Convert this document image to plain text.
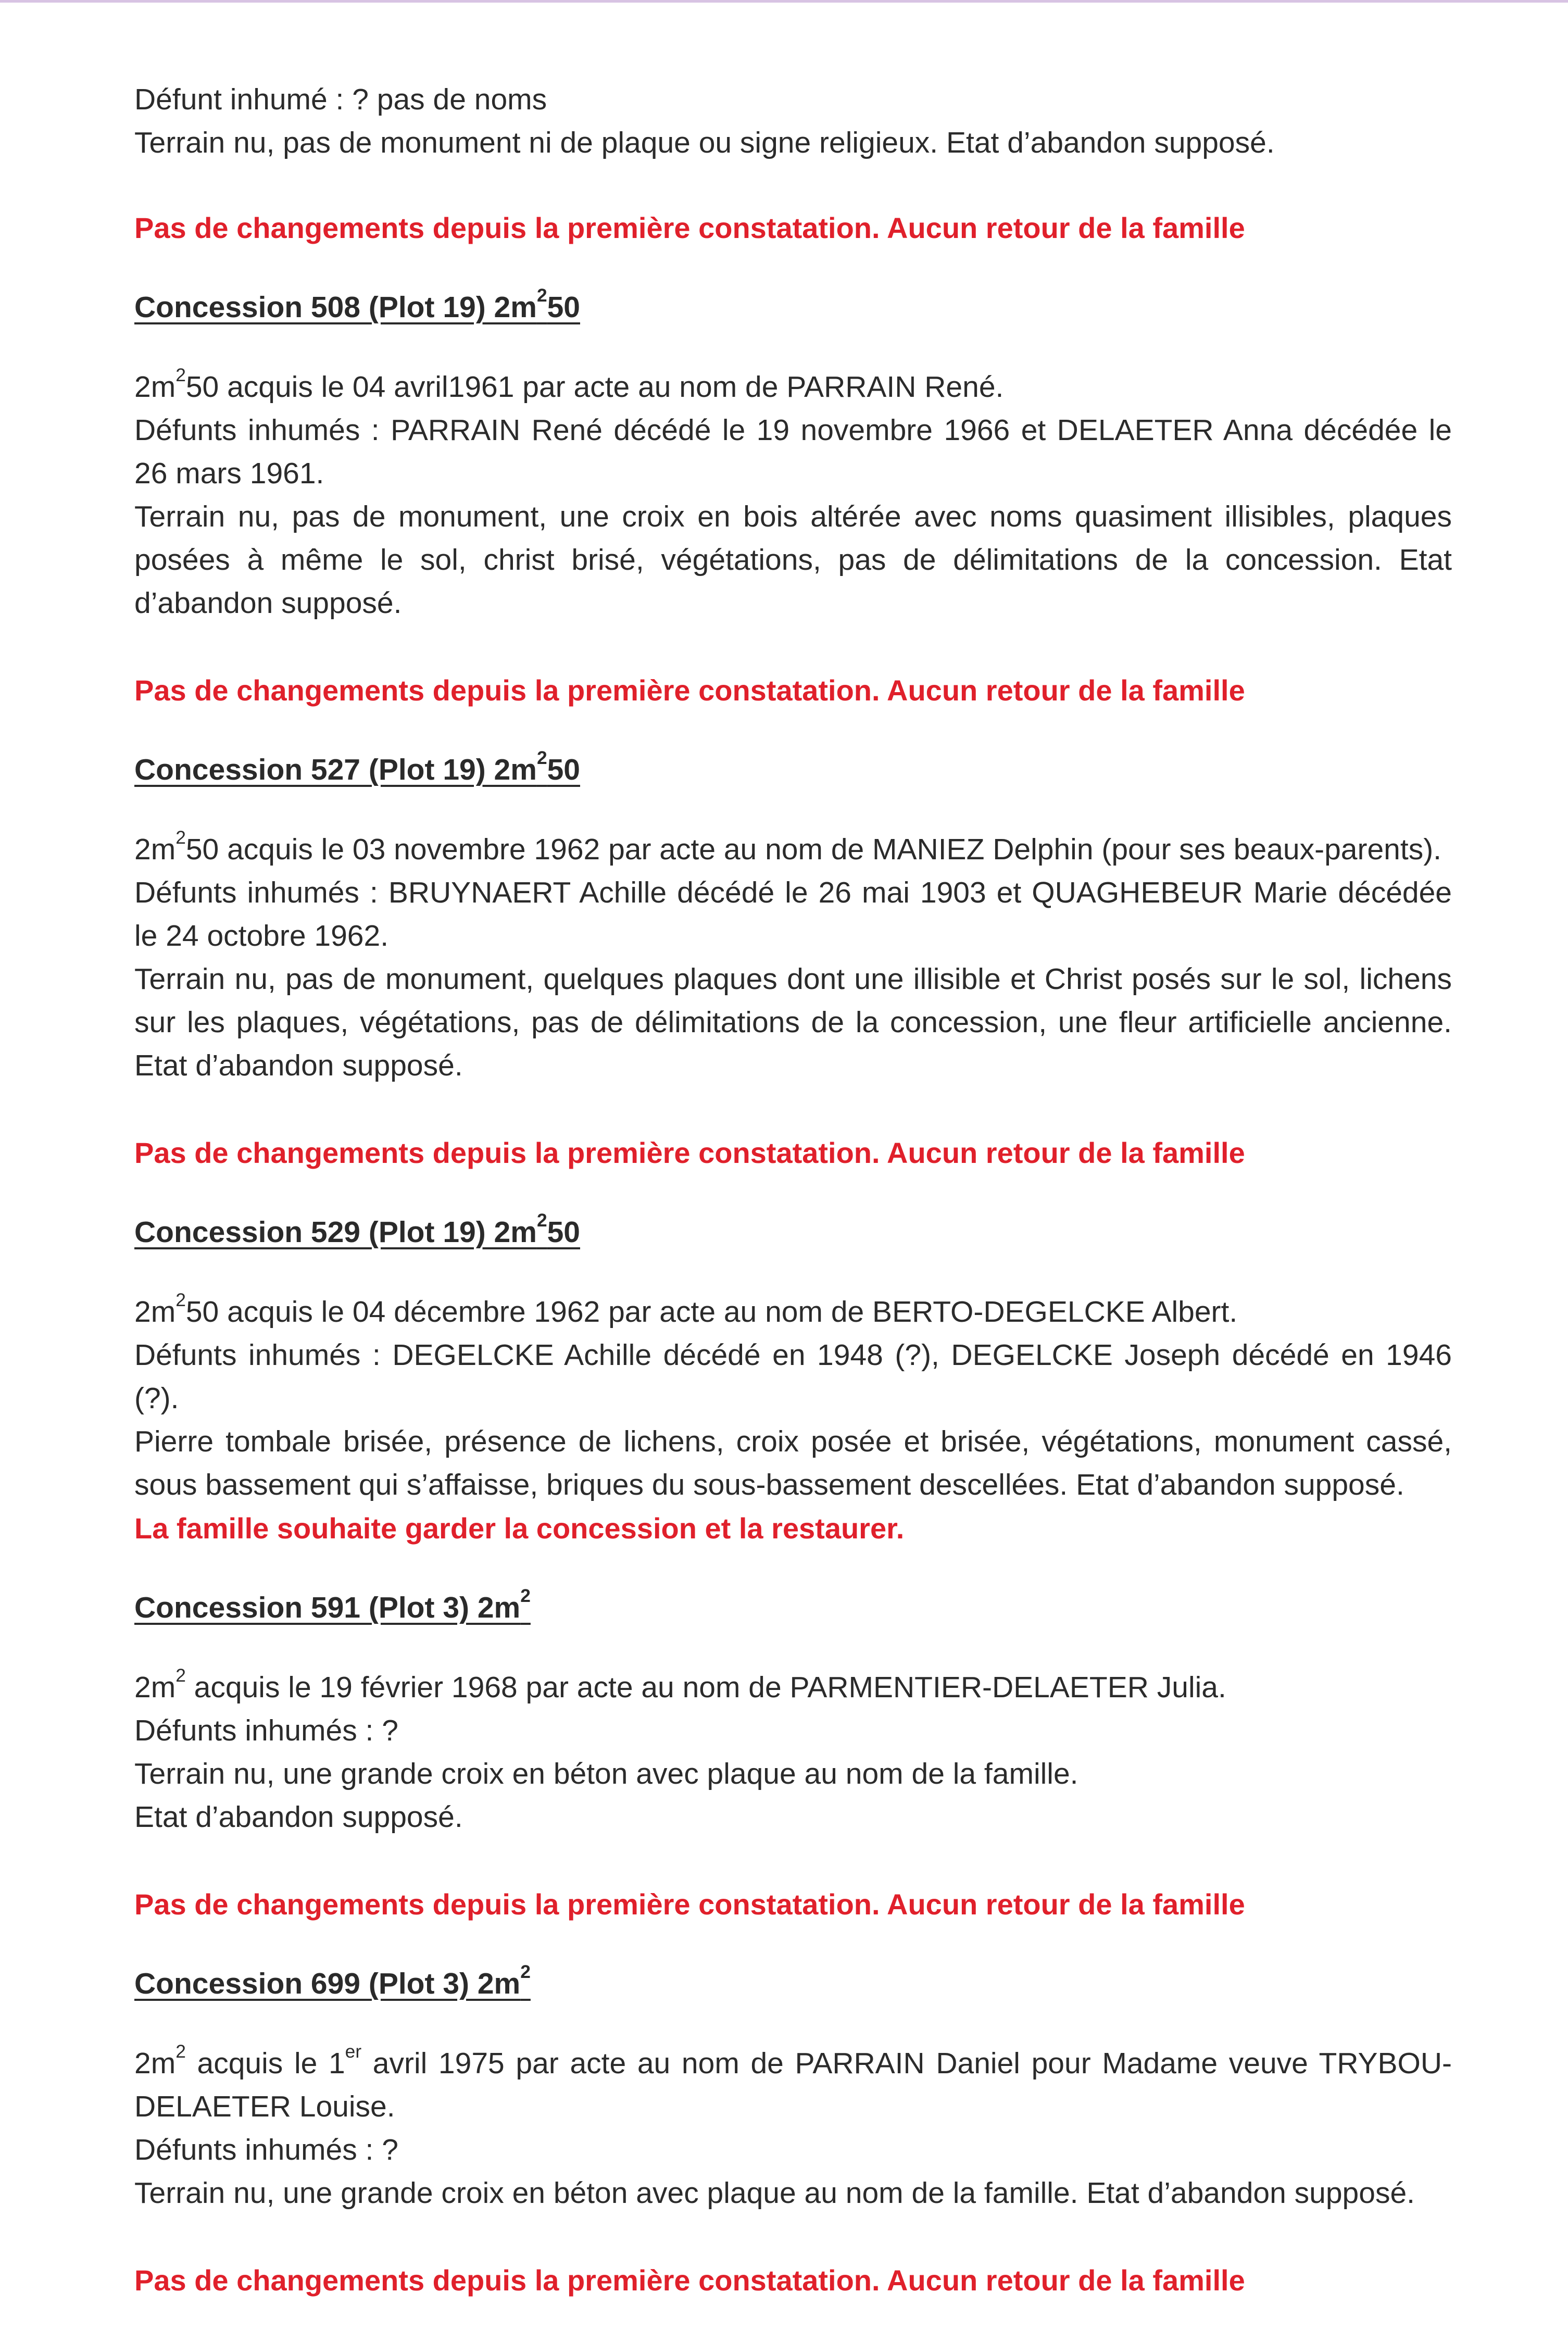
Défunt inhumé : ? pas de noms

Terrain nu, pas de monument ni de plaque ou signe religieux. Etat d’abandon supposé.

Pas de changements depuis la première constatation. Aucun retour de la famille

Concession 508 (Plot 19) $2m^250$

$2m^250$ acquis le 04 avril1961 par acte au nom de PARRAIN René.

Défunts inhumés : PARRAIN René décédé le 19 novembre 1966 et DELAETER Anna décédée le 26 mars 1961.

Terrain nu, pas de monument, une croix en bois altérée avec noms quasiment illisibles, plaques posées à même le sol, christ brisé, végétations, pas de délimitations de la concession. Etat d’abandon supposé.

Pas de changements depuis la première constatation. Aucun retour de la famille

Concession 527 (Plot 19) $2m^250$

$2m^250$ acquis le 03 novembre 1962 par acte au nom de MANIEZ Delphin (pour ses beaux-parents).

Défunts inhumés : BRUYNAERT Achille décédé le 26 mai 1903 et QUAGHEBEUR Marie décédée le 24 octobre 1962.

Terrain nu, pas de monument, quelques plaques dont une illisible et Christ posés sur le sol, lichens sur les plaques, végétations, pas de délimitations de la concession, une fleur artificielle ancienne. Etat d’abandon supposé.

Pas de changements depuis la première constatation. Aucun retour de la famille

Concession 529 (Plot 19) $2m^250$

$2m^250$ acquis le 04 décembre 1962 par acte au nom de BERTO-DEGELCKE Albert.

Défunts inhumés : DEGELCKE Achille décédé en 1948 (?), DEGELCKE Joseph décédé en 1946 (?).

Pierre tombale brisée, présence de lichens, croix posée et brisée, végétations, monument cassé, sous bassement qui s’affaisse, briques du sous-bassement descellées. Etat d’abandon supposé.

La famille souhaite garder la concession et la restaurer.

Concession 591 (Plot 3) $2m^2$

$2m^2$ acquis le 19 février 1968 par acte au nom de PARMENTIER-DELAETER Julia.

Défunts inhumés : ?

Terrain nu, une grande croix en béton avec plaque au nom de la famille.

Etat d’abandon supposé.

Pas de changements depuis la première constatation. Aucun retour de la famille

Concession 699 (Plot 3) $2m^2$

$2m^2$ acquis le 1er avril 1975 par acte au nom de PARRAIN Daniel pour Madame veuve TRYBOU-DELAETER Louise.

Défunts inhumés : ?

Terrain nu, une grande croix en béton avec plaque au nom de la famille. Etat d’abandon supposé.

Pas de changements depuis la première constatation. Aucun retour de la famille
